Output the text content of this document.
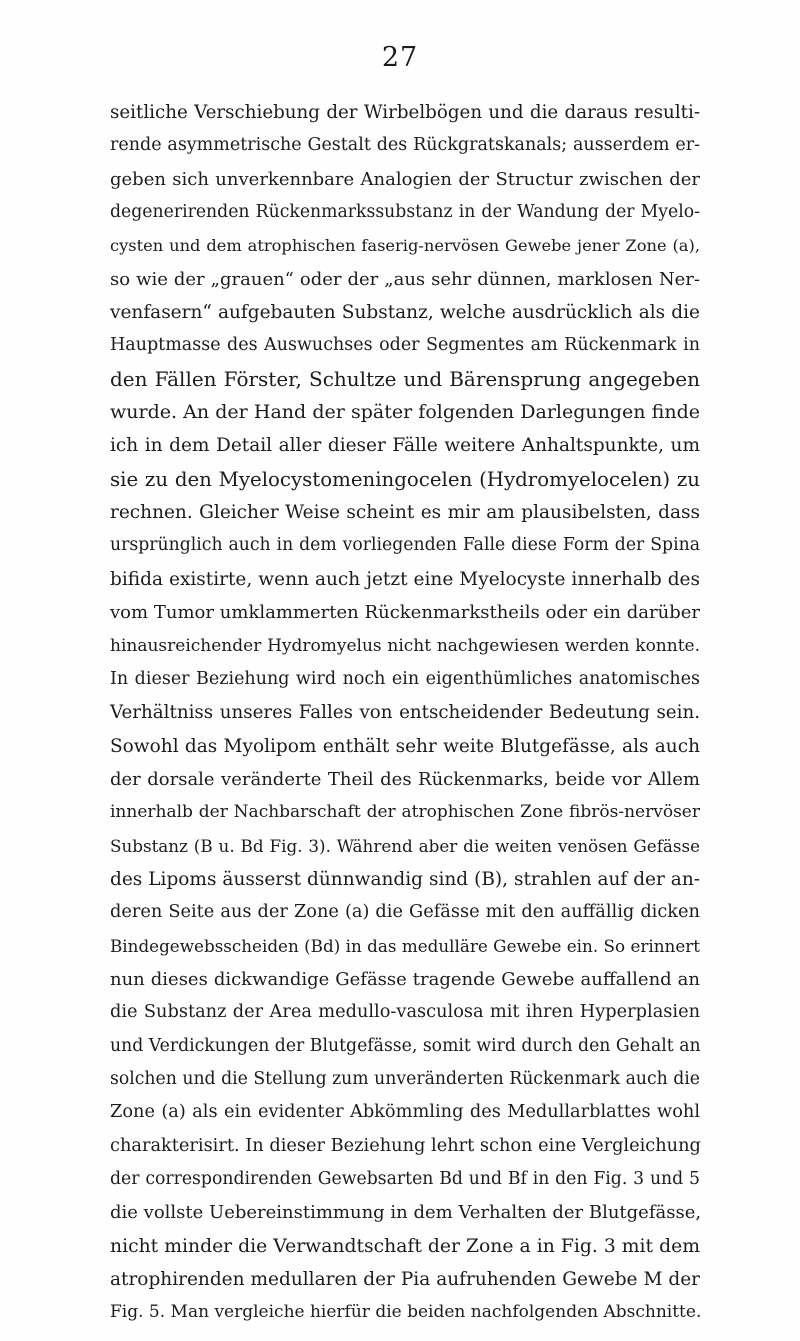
27
seitliche Verschiebung der Wirbelbögen und die daraus resulti-
rende asymmetrische Gestalt des Rückgratskanals; ausserdem er-
geben sich unverkennbare Analogien der Structur zwischen der
degenerirenden Rückenmarkssubstanz in der Wandung der Myelo-
cysten und dem atrophischen faserig-nervösen Gewebe jener Zone (a),
so wie der „grauen“ oder der „aus sehr dünnen, marklosen Ner-
venfasern“ aufgebauten Substanz, welche ausdrücklich als die
Hauptmasse des Auswuchses oder Segmentes am Rückenmark in
den Fällen Förster, Schultze und Bärensprung angegeben
wurde. An der Hand der später folgenden Darlegungen finde
ich in dem Detail aller dieser Fälle weitere Anhaltspunkte, um
sie zu den Myelocystomeningocelen (Hydromyelocelen) zu
rechnen. Gleicher Weise scheint es mir am plausibelsten, dass
ursprünglich auch in dem vorliegenden Falle diese Form der Spina
bifida existirte, wenn auch jetzt eine Myelocyste innerhalb des
vom Tumor umklammerten Rückenmarkstheils oder ein darüber
hinausreichender Hydromyelus nicht nachgewiesen werden konnte.
In dieser Beziehung wird noch ein eigenthümliches anatomisches
Verhältniss unseres Falles von entscheidender Bedeutung sein.
Sowohl das Myolipom enthält sehr weite Blutgefässe, als auch
der dorsale veränderte Theil des Rückenmarks, beide vor Allem
innerhalb der Nachbarschaft der atrophischen Zone fibrös-nervöser
Substanz (B u. Bd Fig. 3). Während aber die weiten venösen Gefässe
des Lipoms äusserst dünnwandig sind (B), strahlen auf der an-
deren Seite aus der Zone (a) die Gefässe mit den auffällig dicken
Bindegewebsscheiden (Bd) in das medulläre Gewebe ein. So erinnert
nun dieses dickwandige Gefässe tragende Gewebe auffallend an
die Substanz der Area medullo-vasculosa mit ihren Hyperplasien
und Verdickungen der Blutgefässe, somit wird durch den Gehalt an
solchen und die Stellung zum unveränderten Rückenmark auch die
Zone (a) als ein evidenter Abkömmling des Medullarblattes wohl
charakterisirt. In dieser Beziehung lehrt schon eine Vergleichung
der correspondirenden Gewebsarten Bd und Bf in den Fig. 3 und 5
die vollste Uebereinstimmung in dem Verhalten der Blutgefässe,
nicht minder die Verwandtschaft der Zone a in Fig. 3 mit dem
atrophirenden medullaren der Pia aufruhenden Gewebe M der
Fig. 5. Man vergleiche hierfür die beiden nachfolgenden Abschnitte.
